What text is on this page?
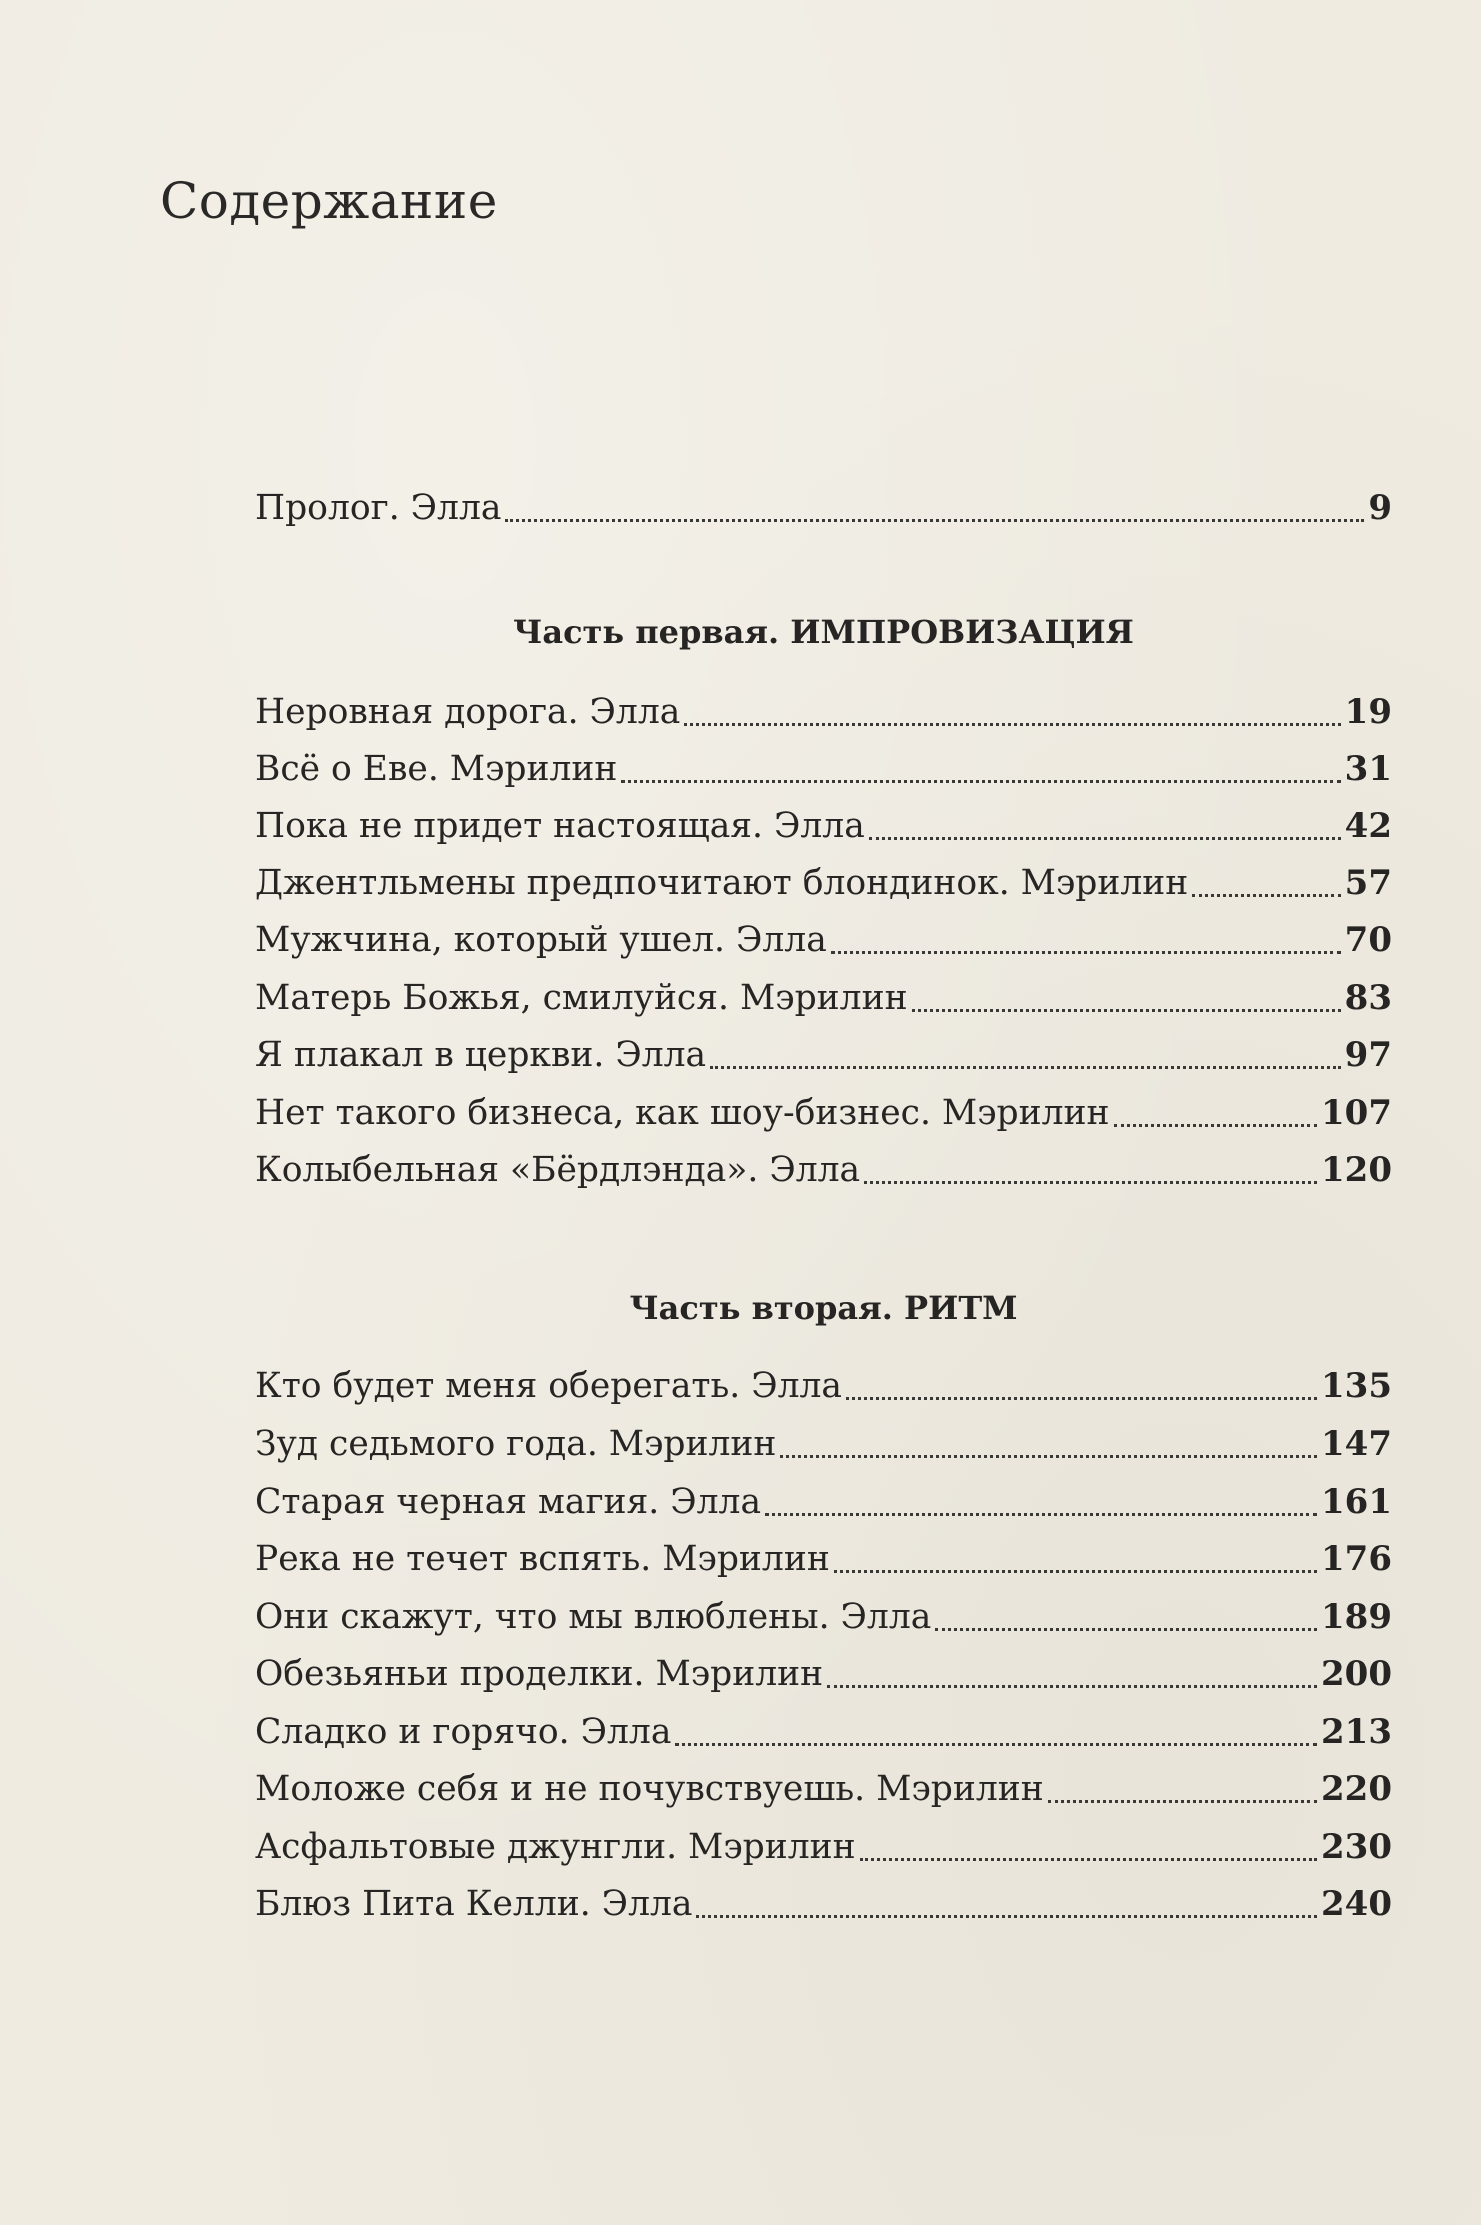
Содержание
Пролог. Элла	9
Часть первая. ИМПРОВИЗАЦИЯ
Неровная дорога. Элла	19
Всё о Еве. Мэрилин	31
Пока не придет настоящая. Элла	42
Джентльмены предпочитают блондинок. Мэрилин	57
Мужчина, который ушел. Элла	70
Матерь Божья, смилуйся. Мэрилин	83
Я плакал в церкви. Элла	97
Нет такого бизнеса, как шоу-бизнес. Мэрилин	107
Колыбельная «Бёрдлэнда». Элла	120
Часть вторая. РИТМ
Кто будет меня оберегать. Элла	135
Зуд седьмого года. Мэрилин	147
Старая черная магия. Элла	161
Река не течет вспять. Мэрилин	176
Они скажут, что мы влюблены. Элла	189
Обезьяньи проделки. Мэрилин	200
Сладко и горячо. Элла	213
Моложе себя и не почувствуешь. Мэрилин	220
Асфальтовые джунгли. Мэрилин	230
Блюз Пита Келли. Элла	240
